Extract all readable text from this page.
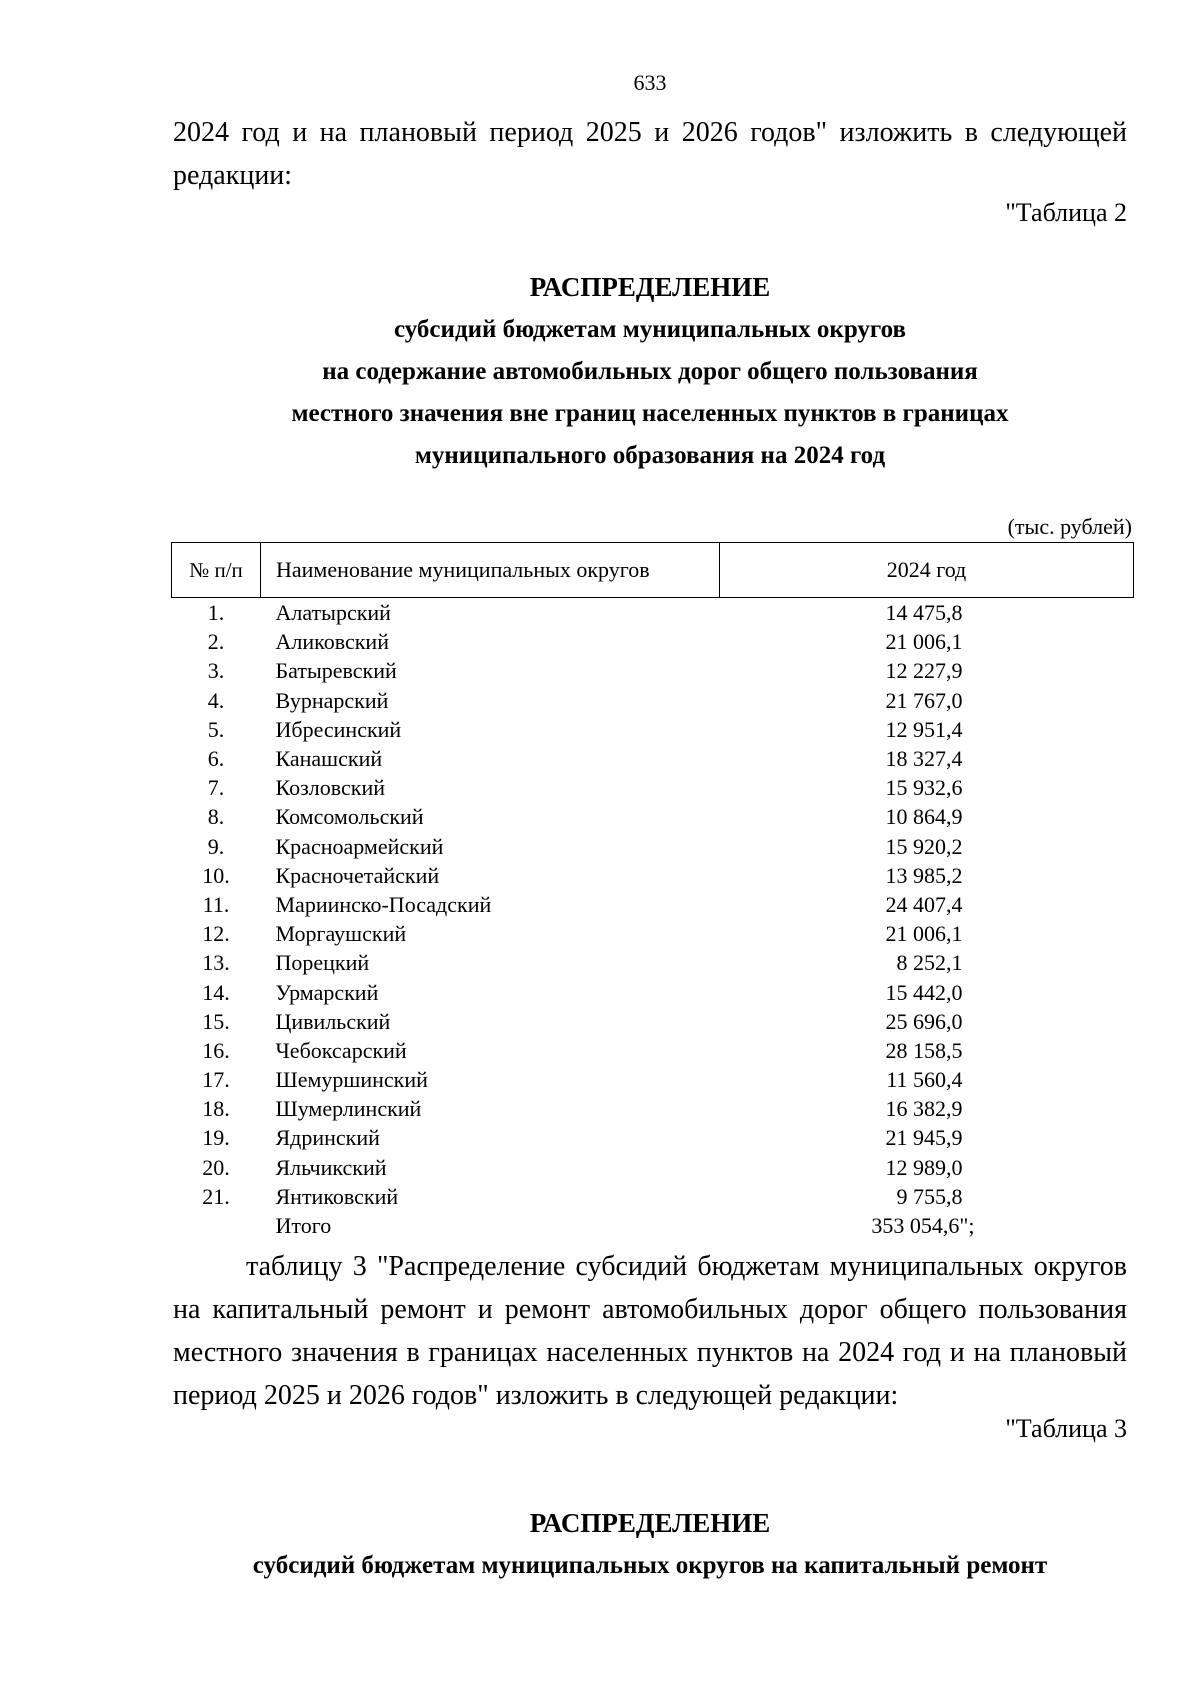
633
2024 год и на плановый период 2025 и 2026 годов" изложить в следующей редакции:
"Таблица 2
РАСПРЕДЕЛЕНИЕ
субсидий бюджетам муниципальных округов
на содержание автомобильных дорог общего пользования
местного значения вне границ населенных пунктов в границах
муниципального образования на 2024 год
(тыс. рублей)
№ п/п	Наименование муниципальных округов	2024 год
1.	Алатырский	14 475,8
2.	Аликовский	21 006,1
3.	Батыревский	12 227,9
4.	Вурнарский	21 767,0
5.	Ибресинский	12 951,4
6.	Канашский	18 327,4
7.	Козловский	15 932,6
8.	Комсомольский	10 864,9
9.	Красноармейский	15 920,2
10.	Красночетайский	13 985,2
11.	Мариинско-Посадский	24 407,4
12.	Моргаушский	21 006,1
13.	Порецкий	8 252,1
14.	Урмарский	15 442,0
15.	Цивильский	25 696,0
16.	Чебоксарский	28 158,5
17.	Шемуршинский	11 560,4
18.	Шумерлинский	16 382,9
19.	Ядринский	21 945,9
20.	Яльчикский	12 989,0
21.	Янтиковский	9 755,8
	Итого	353 054,6";
таблицу 3 "Распределение субсидий бюджетам муниципальных округов на капитальный ремонт и ремонт автомобильных дорог общего пользования местного значения в границах населенных пунктов на 2024 год и на плановый период 2025 и 2026 годов" изложить в следующей редакции:
"Таблица 3
РАСПРЕДЕЛЕНИЕ
субсидий бюджетам муниципальных округов на капитальный ремонт
